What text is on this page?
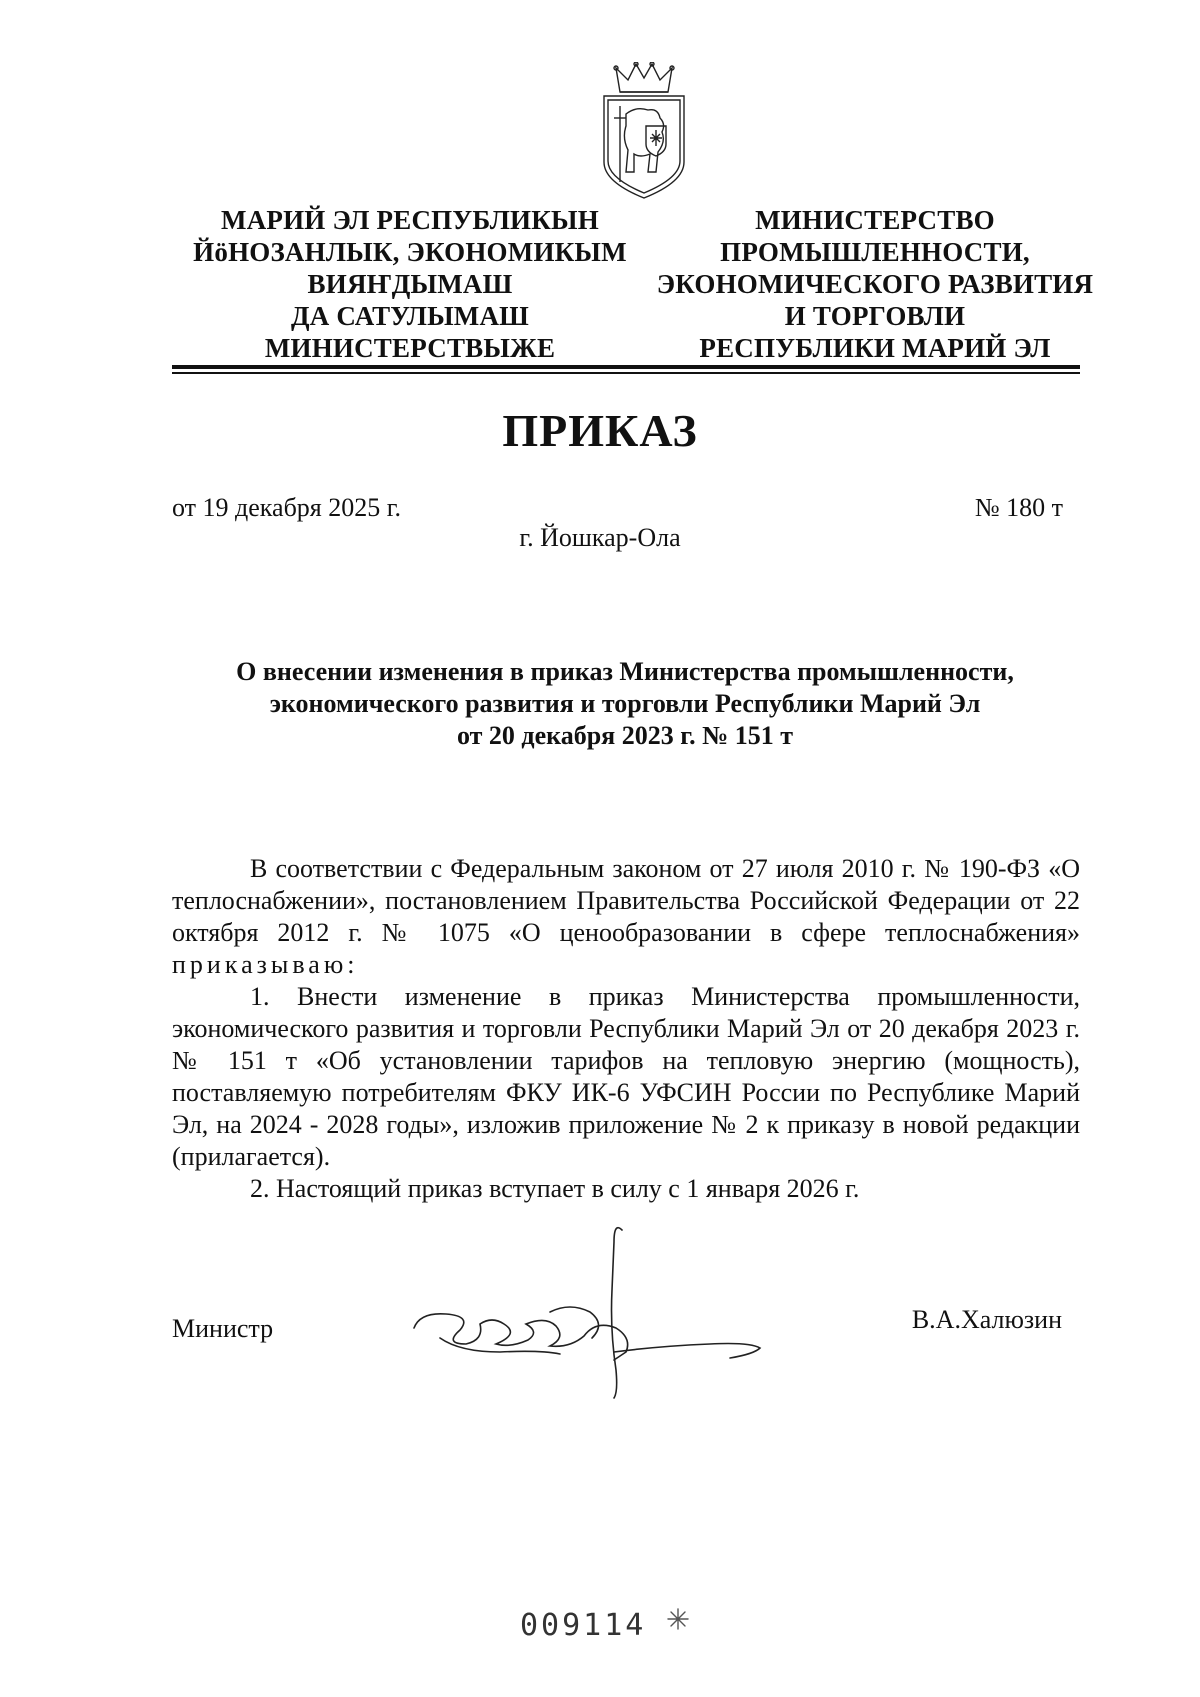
МАРИЙ ЭЛ РЕСПУБЛИКЫН
ЙӧНОЗАНЛЫК, ЭКОНОМИКЫМ
ВИЯҤДЫМАШ
ДА САТУЛЫМАШ
МИНИСТЕРСТВЫЖЕ
МИНИСТЕРСТВО
ПРОМЫШЛЕННОСТИ,
ЭКОНОМИЧЕСКОГО РАЗВИТИЯ
И ТОРГОВЛИ
РЕСПУБЛИКИ МАРИЙ ЭЛ
ПРИКАЗ
от 19 декабря 2025 г.	№ 180 т
г. Йошкар-Ола
О внесении изменения в приказ Министерства промышленности,
экономического развития и торговли Республики Марий Эл
от 20 декабря 2023 г. № 151 т

В соответствии с Федеральным законом от 27 июля 2010 г. № 190-ФЗ «О теплоснабжении», постановлением Правительства Российской Федерации от 22 октября 2012 г. № 1075 «О ценообразовании в сфере теплоснабжения» приказываю:

1. Внести изменение в приказ Министерства промышленности, экономического развития и торговли Республики Марий Эл от 20 декабря 2023 г. № 151 т «Об установлении тарифов на тепловую энергию (мощность), поставляемую потребителям ФКУ ИК-6 УФСИН России по Республике Марий Эл, на 2024 - 2028 годы», изложив приложение № 2 к приказу в новой редакции (прилагается).

2. Настоящий приказ вступает в силу с 1 января 2026 г.

Министр	В.А.Халюзин
009114
